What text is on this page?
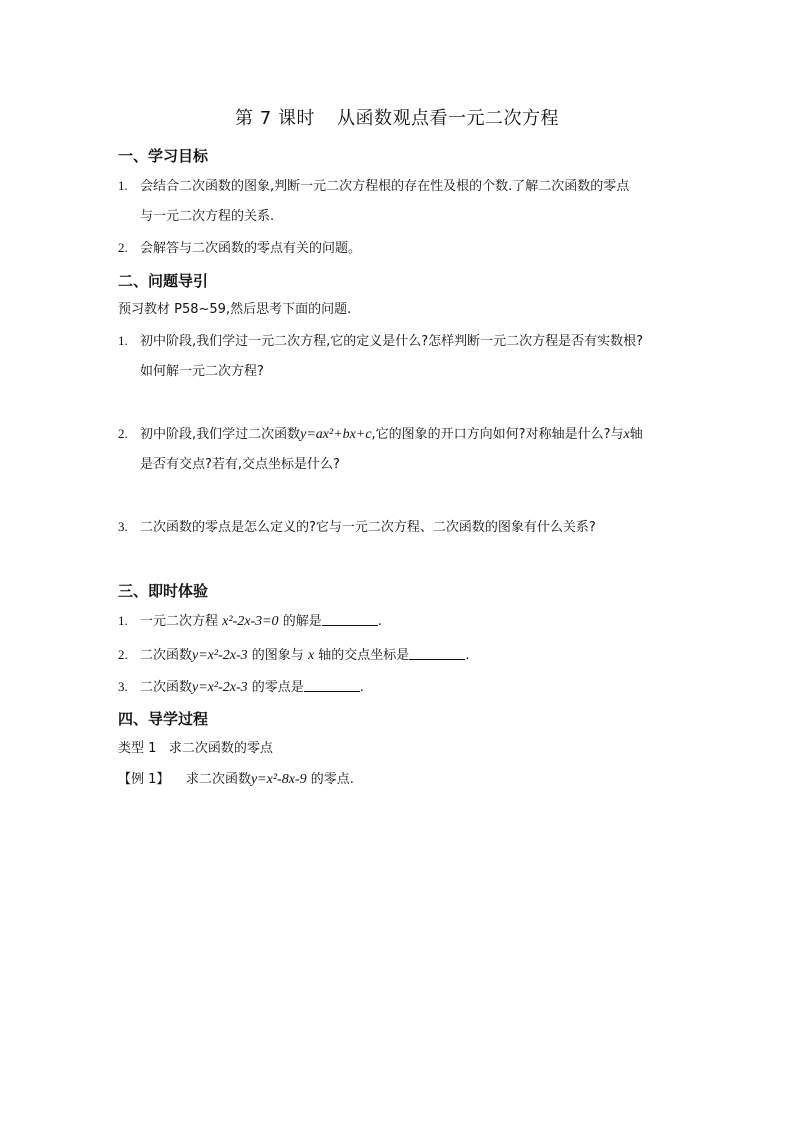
第 7 课时 从函数观点看一元二次方程
一、学习目标
1. 会结合二次函数的图象,判断一元二次方程根的存在性及根的个数.了解二次函数的零点
与一元二次方程的关系.
2. 会解答与二次函数的零点有关的问题。
二、问题导引
预习教材 P58~59,然后思考下面的问题.
1. 初中阶段,我们学过一元二次方程,它的定义是什么?怎样判断一元二次方程是否有实数根?
如何解一元二次方程?
2. 初中阶段,我们学过二次函数y=ax²+bx+c,它的图象的开口方向如何?对称轴是什么?与x轴
是否有交点?若有,交点坐标是什么?
3. 二次函数的零点是怎么定义的?它与一元二次方程、二次函数的图象有什么关系?
三、即时体验
1. 一元二次方程 x²-2x-3=0 的解是	.
2. 二次函数y=x²-2x-3 的图象与 x 轴的交点坐标是	.
3. 二次函数y=x²-2x-3 的零点是	.
四、导学过程
类型 1 求二次函数的零点
【例 1】 求二次函数y=x²-8x-9 的零点.
